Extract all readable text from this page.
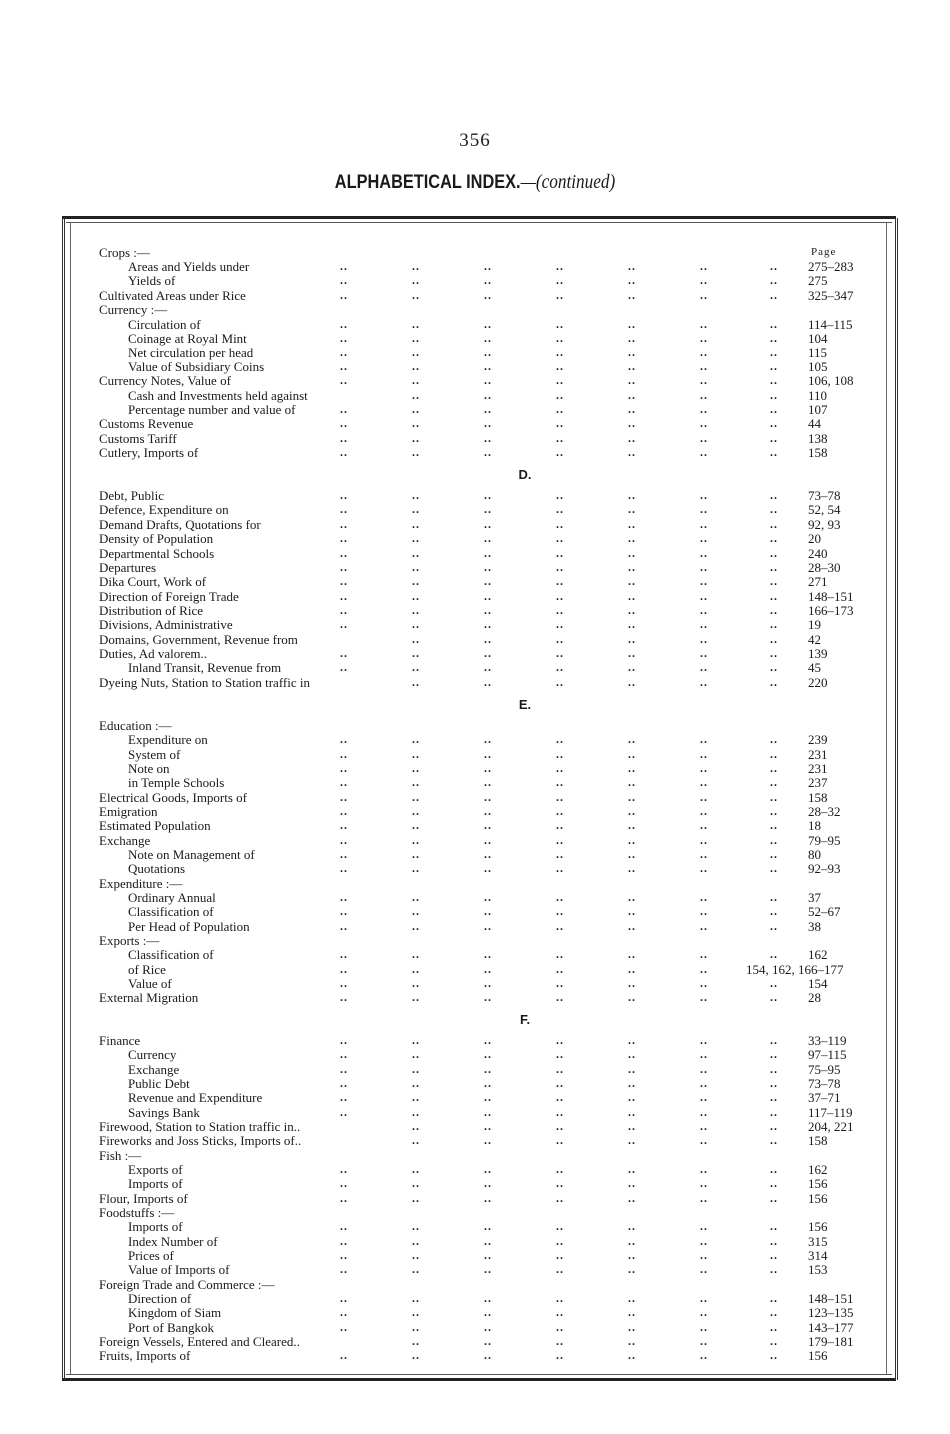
356
ALPHABETICAL INDEX.—(continued)
Page
Crops :—
Areas and Yields under	..	..	..	..	..	..	.. 275–283
Yields of	..	..	..	..	..	..	.. 275
Cultivated Areas under Rice	..	..	..	..	..	..	.. 325–347
Currency :—
Circulation of	..	..	..	..	..	..	.. 114–115
Coinage at Royal Mint	..	..	..	..	..	..	.. 104
Net circulation per head	..	..	..	..	..	..	.. 115
Value of Subsidiary Coins	..	..	..	..	..	..	.. 105
Currency Notes, Value of	..	..	..	..	..	..	.. 106, 108
Cash and Investments held against	..	..	..	..	..	.. 110
Percentage number and value of	..	..	..	..	..	..	.. 107
Customs Revenue	..	..	..	..	..	..	.. 44
Customs Tariff	..	..	..	..	..	..	.. 138
Cutlery, Imports of	..	..	..	..	..	..	.. 158
D.
Debt, Public	..	..	..	..	..	..	.. 73–78
Defence, Expenditure on	..	..	..	..	..	..	.. 52, 54
Demand Drafts, Quotations for	..	..	..	..	..	..	.. 92, 93
Density of Population	..	..	..	..	..	..	.. 20
Departmental Schools	..	..	..	..	..	..	.. 240
Departures	..	..	..	..	..	..	.. 28–30
Dika Court, Work of	..	..	..	..	..	..	.. 271
Direction of Foreign Trade	..	..	..	..	..	..	.. 148–151
Distribution of Rice	..	..	..	..	..	..	.. 166–173
Divisions, Administrative	..	..	..	..	..	..	.. 19
Domains, Government, Revenue from	..	..	..	..	..	.. 42
Duties, Ad valorem..	..	..	..	..	..	..	.. 139
Inland Transit, Revenue from	..	..	..	..	..	..	.. 45
Dyeing Nuts, Station to Station traffic in	..	..	..	..	..	.. 220
E.
Education :—
Expenditure on	..	..	..	..	..	..	.. 239
System of	..	..	..	..	..	..	.. 231
Note on	..	..	..	..	..	..	.. 231
in Temple Schools	..	..	..	..	..	..	.. 237
Electrical Goods, Imports of	..	..	..	..	..	..	.. 158
Emigration	..	..	..	..	..	..	.. 28–32
Estimated Population	..	..	..	..	..	..	.. 18
Exchange	..	..	..	..	..	..	.. 79–95
Note on Management of	..	..	..	..	..	..	.. 80
Quotations	..	..	..	..	..	..	.. 92–93
Expenditure :—
Ordinary Annual	..	..	..	..	..	..	.. 37
Classification of	..	..	..	..	..	..	.. 52–67
Per Head of Population	..	..	..	..	..	..	.. 38
Exports :—
Classification of	..	..	..	..	..	..	.. 162
of Rice	..	..	..	..	..	..	154, 162, 166–177
Value of	..	..	..	..	..	..	.. 154
External Migration	..	..	..	..	..	..	.. 28
F.
Finance	..	..	..	..	..	..	.. 33–119
Currency	..	..	..	..	..	..	.. 97–115
Exchange	..	..	..	..	..	..	.. 75–95
Public Debt	..	..	..	..	..	..	.. 73–78
Revenue and Expenditure	..	..	..	..	..	..	.. 37–71
Savings Bank	..	..	..	..	..	..	.. 117–119
Firewood, Station to Station traffic in..	..	..	..	..	..	.. 204, 221
Fireworks and Joss Sticks, Imports of..	..	..	..	..	..	.. 158
Fish :—
Exports of	..	..	..	..	..	..	.. 162
Imports of	..	..	..	..	..	..	.. 156
Flour, Imports of	..	..	..	..	..	..	.. 156
Foodstuffs :—
Imports of	..	..	..	..	..	..	.. 156
Index Number of	..	..	..	..	..	..	.. 315
Prices of	..	..	..	..	..	..	.. 314
Value of Imports of	..	..	..	..	..	..	.. 153
Foreign Trade and Commerce :—
Direction of	..	..	..	..	..	..	.. 148–151
Kingdom of Siam	..	..	..	..	..	..	.. 123–135
Port of Bangkok	..	..	..	..	..	..	.. 143–177
Foreign Vessels, Entered and Cleared..	..	..	..	..	..	.. 179–181
Fruits, Imports of	..	..	..	..	..	..	.. 156
